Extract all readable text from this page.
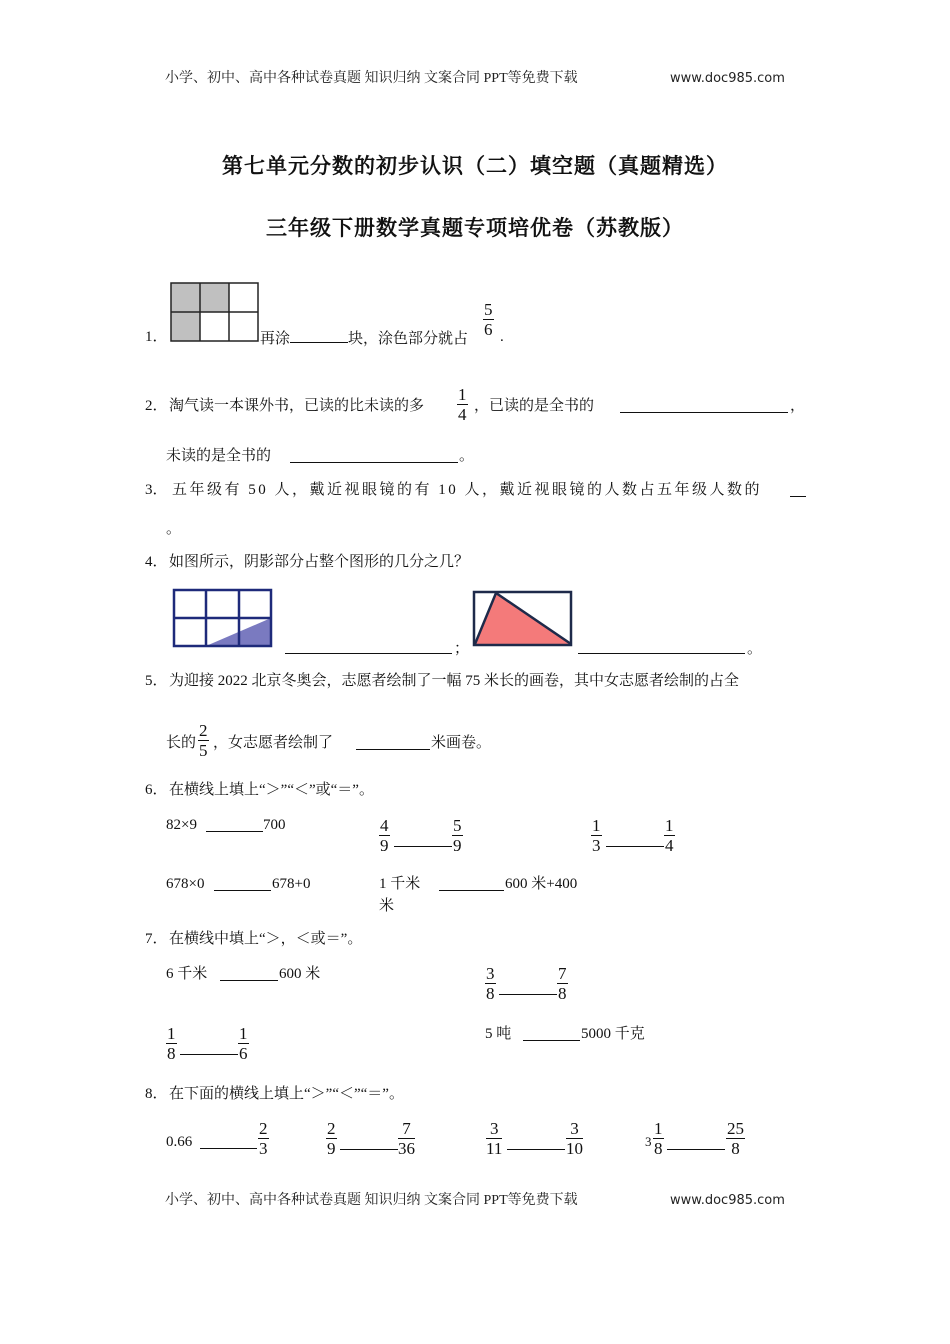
小学、初中、高中各种试卷真题 知识归纳 文案合同 PPT等免费下载	www.doc985.com
第七单元分数的初步认识（二）填空题（真题精选）
三年级下册数学真题专项培优卷（苏教版）
1．	再涂	块，涂色部分就占 $\frac{5}{6}$ .
2． 淘气读一本课外书，已读的比未读的多 $\frac{1}{4}$ ，已读的是全书的	，
未读的是全书的	。
3． 五年级有 50 人，戴近视眼镜的有 10 人，戴近视眼镜的人数占五年级人数的
。
4． 如图所示，阴影部分占整个图形的几分之几？
；	。
5． 为迎接 2022 北京冬奥会，志愿者绘制了一幅 75 米长的画卷，其中女志愿者绘制的占全
长的 $\frac{2}{5}$ ，女志愿者绘制了	米画卷。
6． 在横线上填上“＞”“＜”或“＝”。
82×9	700	$\frac{4}{9}$	$\frac{5}{9}$	$\frac{1}{3}$	$\frac{1}{4}$
678×0	678+0	1 千米	600 米+400
米
7． 在横线中填上“＞，＜或＝”。
6 千米	600 米	$\frac{3}{8}$	$\frac{7}{8}$
$\frac{1}{8}$	$\frac{1}{6}$	5 吨	5000 千克
8． 在下面的横线上填上“＞”“＜”“＝”。
0.66	$\frac{2}{3}$	$\frac{2}{9}$	$\frac{7}{36}$	$\frac{3}{11}$	$\frac{3}{10}$	$3 \frac{1}{8}$	$\frac{25}{8}$
小学、初中、高中各种试卷真题 知识归纳 文案合同 PPT等免费下载	www.doc985.com
